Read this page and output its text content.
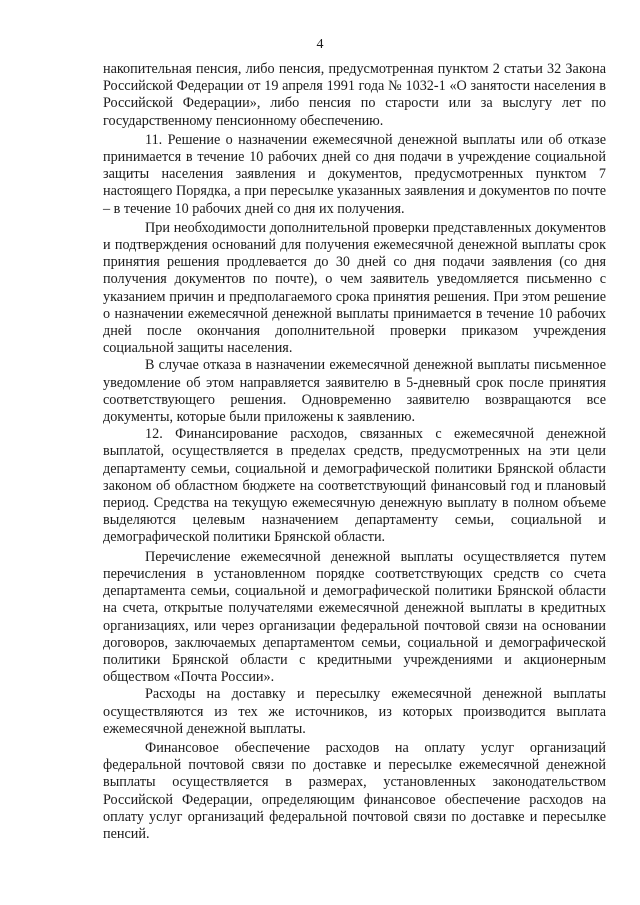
4

накопительная пенсия, либо пенсия, предусмотренная пунктом 2 статьи 32 Закона Российской Федерации от 19 апреля 1991 года № 1032-1 «О занятости населения в Российской Федерации», либо пенсия по старости или за выслугу лет по государственному пенсионному обеспечению.

11. Решение о назначении ежемесячной денежной выплаты или об отказе принимается в течение 10 рабочих дней со дня подачи в учреждение социальной защиты населения заявления и документов, предусмотренных пунктом 7 настоящего Порядка, а при пересылке указанных заявления и документов по почте – в течение 10 рабочих дней со дня их получения.

При необходимости дополнительной проверки представленных документов и подтверждения оснований для получения ежемесячной денежной выплаты срок принятия решения продлевается до 30 дней со дня подачи заявления (со дня получения документов по почте), о чем заявитель уведомляется письменно с указанием причин и предполагаемого срока принятия решения. При этом решение о назначении ежемесячной денежной выплаты принимается в течение 10 рабочих дней после окончания дополнительной проверки приказом учреждения социальной защиты населения.

В случае отказа в назначении ежемесячной денежной выплаты письменное уведомление об этом направляется заявителю в 5-дневный срок после принятия соответствующего решения. Одновременно заявителю возвращаются все документы, которые были приложены к заявлению.

12. Финансирование расходов, связанных с ежемесячной денежной выплатой, осуществляется в пределах средств, предусмотренных на эти цели департаменту семьи, социальной и демографической политики Брянской области законом об областном бюджете на соответствующий финансовый год и плановый период. Средства на текущую ежемесячную денежную выплату в полном объеме выделяются целевым назначением департаменту семьи, социальной и демографической политики Брянской области.

Перечисление ежемесячной денежной выплаты осуществляется путем перечисления в установленном порядке соответствующих средств со счета департамента семьи, социальной и демографической политики Брянской области на счета, открытые получателями ежемесячной денежной выплаты в кредитных организациях, или через организации федеральной почтовой связи на основании договоров, заключаемых департаментом семьи, социальной и демографической политики Брянской области с кредитными учреждениями и акционерным обществом «Почта России».

Расходы на доставку и пересылку ежемесячной денежной выплаты осуществляются из тех же источников, из которых производится выплата ежемесячной денежной выплаты.

Финансовое обеспечение расходов на оплату услуг организаций федеральной почтовой связи по доставке и пересылке ежемесячной денежной выплаты осуществляется в размерах, установленных законодательством Российской Федерации, определяющим финансовое обеспечение расходов на оплату услуг организаций федеральной почтовой связи по доставке и пересылке пенсий.
